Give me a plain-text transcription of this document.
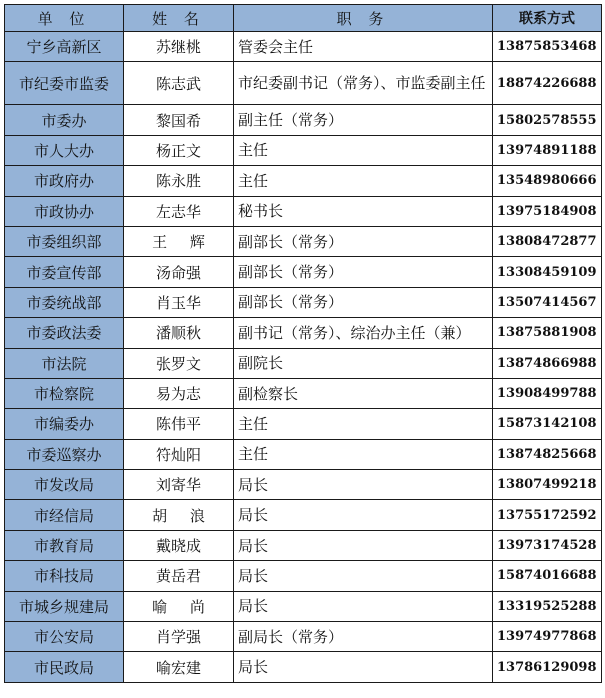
单 位	姓 名	职 务	联系方式
宁乡高新区	苏继桃	管委会主任	13875853468
市纪委市监委	陈志武	市纪委副书记（常务）、市监委副主任	18874226688
市委办	黎国希	副主任（常务）	15802578555
市人大办	杨正文	主任	13974891188
市政府办	陈永胜	主任	13548980666
市政协办	左志华	秘书长	13975184908
市委组织部	王 辉	副部长（常务）	13808472877
市委宣传部	汤命强	副部长（常务）	13308459109
市委统战部	肖玉华	副部长（常务）	13507414567
市委政法委	潘顺秋	副书记（常务）、综治办主任（兼）	13875881908
市法院	张罗文	副院长	13874866988
市检察院	易为志	副检察长	13908499788
市编委办	陈伟平	主任	15873142108
市委巡察办	符灿阳	主任	13874825668
市发改局	刘寄华	局长	13807499218
市经信局	胡 浪	局长	13755172592
市教育局	戴晓成	局长	13973174528
市科技局	黄岳君	局长	15874016688
市城乡规建局	喻 尚	局长	13319525288
市公安局	肖学强	副局长（常务）	13974977868
市民政局	喻宏建	局长	13786129098
